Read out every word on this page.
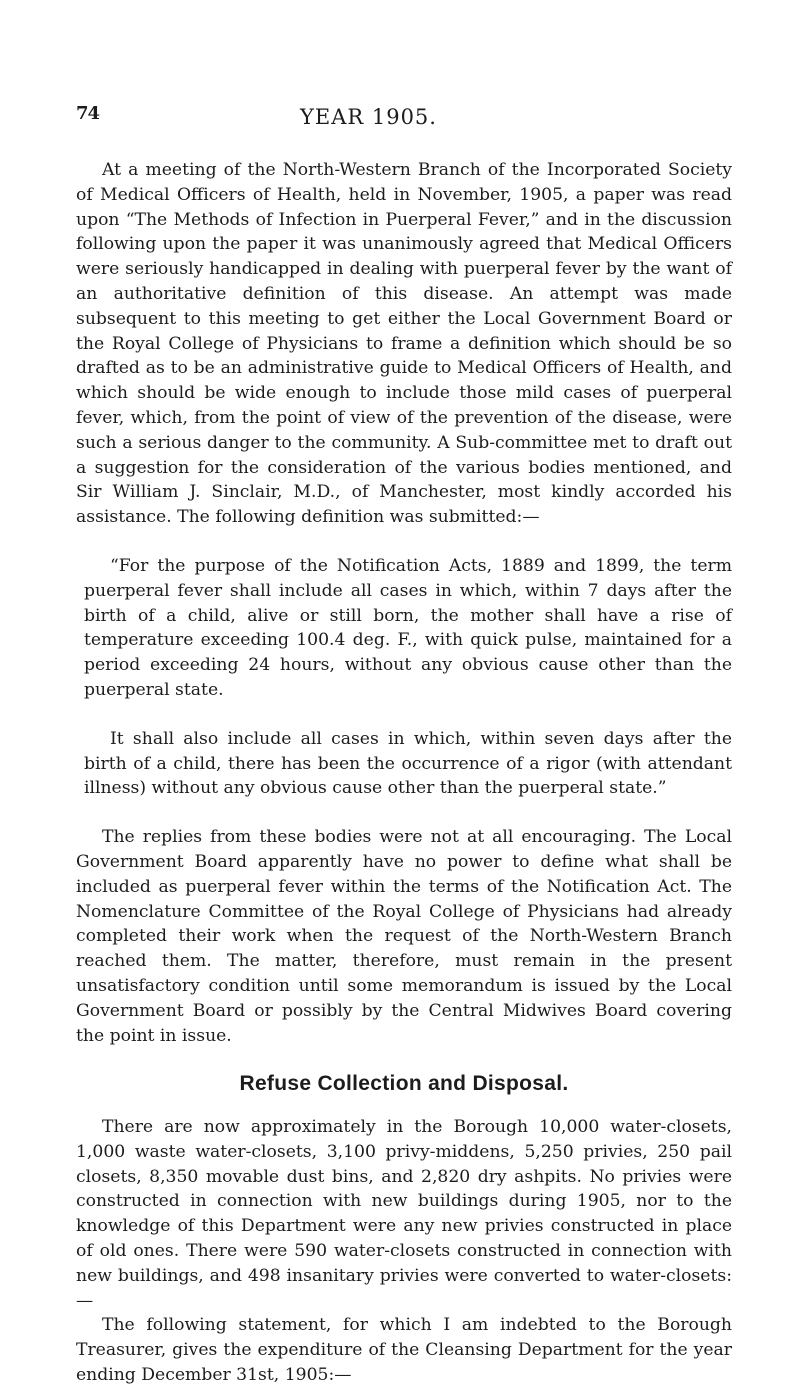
74	YEAR 1905.

At a meeting of the North-Western Branch of the Incorporated Society of Medical Officers of Health, held in November, 1905, a paper was read upon “The Methods of Infection in Puerperal Fever,” and in the discussion following upon the paper it was unanimously agreed that Medical Officers were seriously handicapped in dealing with puerperal fever by the want of an authoritative definition of this disease. An attempt was made subsequent to this meeting to get either the Local Government Board or the Royal College of Physicians to frame a definition which should be so drafted as to be an administrative guide to Medical Officers of Health, and which should be wide enough to include those mild cases of puerperal fever, which, from the point of view of the prevention of the disease, were such a serious danger to the community. A Sub-committee met to draft out a suggestion for the consideration of the various bodies mentioned, and Sir William J. Sinclair, M.D., of Manchester, most kindly accorded his assistance. The following definition was submitted:—

“For the purpose of the Notification Acts, 1889 and 1899, the term puerperal fever shall include all cases in which, within 7 days after the birth of a child, alive or still born, the mother shall have a rise of temperature exceeding 100.4 deg. F., with quick pulse, maintained for a period exceeding 24 hours, without any obvious cause other than the puerperal state.

It shall also include all cases in which, within seven days after the birth of a child, there has been the occurrence of a rigor (with attendant illness) without any obvious cause other than the puerperal state.”

The replies from these bodies were not at all encouraging. The Local Government Board apparently have no power to define what shall be included as puerperal fever within the terms of the Notification Act. The Nomenclature Committee of the Royal College of Physicians had already completed their work when the request of the North-Western Branch reached them. The matter, therefore, must remain in the present unsatisfactory condition until some memorandum is issued by the Local Government Board or possibly by the Central Midwives Board covering the point in issue.

Refuse Collection and Disposal.

There are now approximately in the Borough 10,000 water-closets, 1,000 waste water-closets, 3,100 privy-middens, 5,250 privies, 250 pail closets, 8,350 movable dust bins, and 2,820 dry ashpits. No privies were constructed in connection with new buildings during 1905, nor to the knowledge of this Department were any new privies constructed in place of old ones. There were 590 water-closets constructed in connection with new buildings, and 498 insanitary privies were converted to water-closets:—

The following statement, for which I am indebted to the Borough Treasurer, gives the expenditure of the Cleansing Department for the year ending December 31st, 1905:—
